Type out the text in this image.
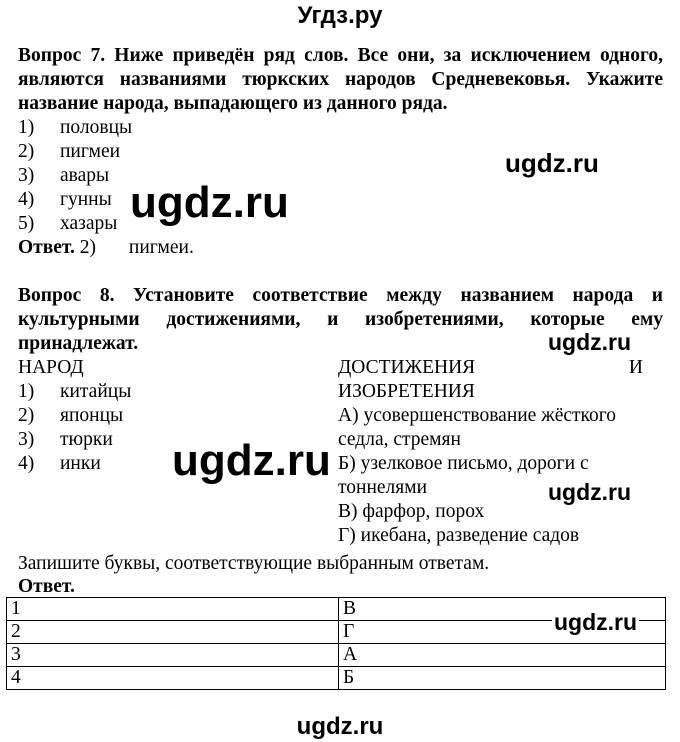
Угдз.ру
Вопрос 7. Ниже приведён ряд слов. Все они, за исключением одного, являются названиями тюркских народов Средневековья. Укажите название народа, выпадающего из данного ряда.
1) половцы
2) пигмеи
3) авары
4) гунны
5) хазары
Ответ. 2) пигмеи.
Вопрос 8. Установите соответствие между названием народа и культурными достижениями, и изобретениями, которые ему принадлежат.
НАРОД
1) китайцы
2) японцы
3) тюрки
4) инки
ДОСТИЖЕНИЯ	И
ИЗОБРЕТЕНИЯ
А) усовершенствование жёсткого
седла, стремян
Б) узелковое письмо, дороги с
тоннелями
В) фарфор, порох
Г) икебана, разведение садов
Запишите буквы, соответствующие выбранным ответам.
Ответ.
1	В
2	Г
3	А
4	Б
ugdz.ru
ugdz.ru
ugdz.ru
ugdz.ru
ugdz.ru
ugdz.ru
ugdz.ru
